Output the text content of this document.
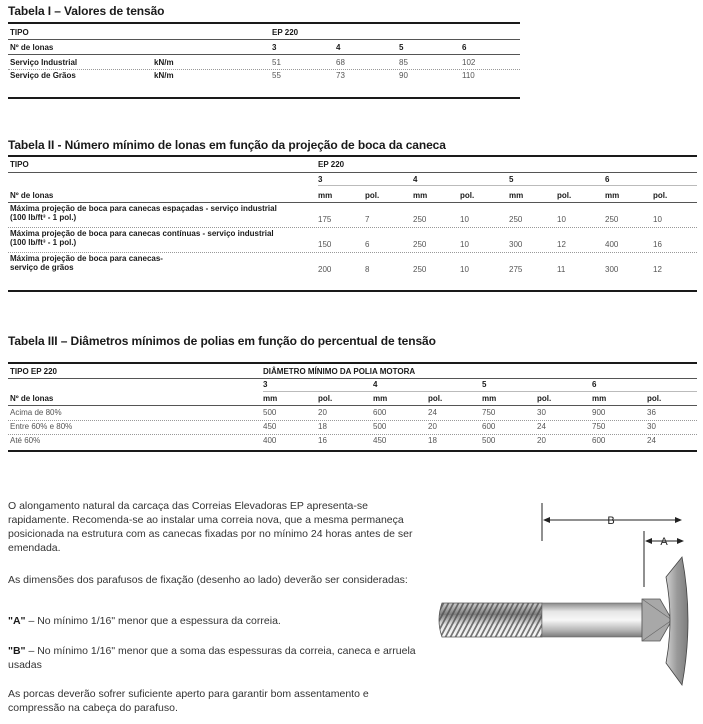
Tabela I – Valores de tensão
TIPO	EP 220
Nº de lonas	3	4	5	6
Serviço Industrial	kN/m	51	68	85	102
Serviço de Grãos	kN/m	55	73	90	110
Tabela II - Número mínimo de lonas em função da projeção de boca da caneca
TIPO	EP 220
3	4	5	6
Nº de lonas	mm	pol.	mm	pol.	mm	pol.	mm	pol.
Máxima projeção de boca para canecas espaçadas - serviço industrial
(100 lb/ft³ - 1 pol.)	175	7	250	10	250	10	250	10
Máxima projeção de boca para canecas contínuas - serviço industrial
(100 lb/ft³ - 1 pol.)	150	6	250	10	300	12	400	16
Máxima projeção de boca para canecas-
serviço de grãos	200	8	250	10	275	11	300	12
Tabela III – Diâmetros mínimos de polias em função do percentual de tensão
TIPO EP 220	DIÂMETRO MÍNIMO DA POLIA MOTORA
3	4	5	6
Nº de lonas	mm	pol.	mm	pol.	mm	pol.	mm	pol.
Acima de 80%	500	20	600	24	750	30	900	36
Entre 60% e 80%	450	18	500	20	600	24	750	30
Até 60%	400	16	450	18	500	20	600	24
O alongamento natural da carcaça das Correias Elevadoras EP apresenta-se rapidamente. Recomenda-se ao instalar uma correia nova, que a mesma permaneça posicionada na estrutura com as canecas fixadas por no mínimo 24 horas antes de ser emendada.
As dimensões dos parafusos de fixação (desenho ao lado) deverão ser consideradas:
"A" – No mínimo 1/16" menor que a espessura da correia.
"B" – No mínimo 1/16" menor que a soma das espessuras da correia, caneca e arruela usadas
As porcas deverão sofrer suficiente aperto para garantir bom assentamento e compressão na cabeça do parafuso.
B
A
